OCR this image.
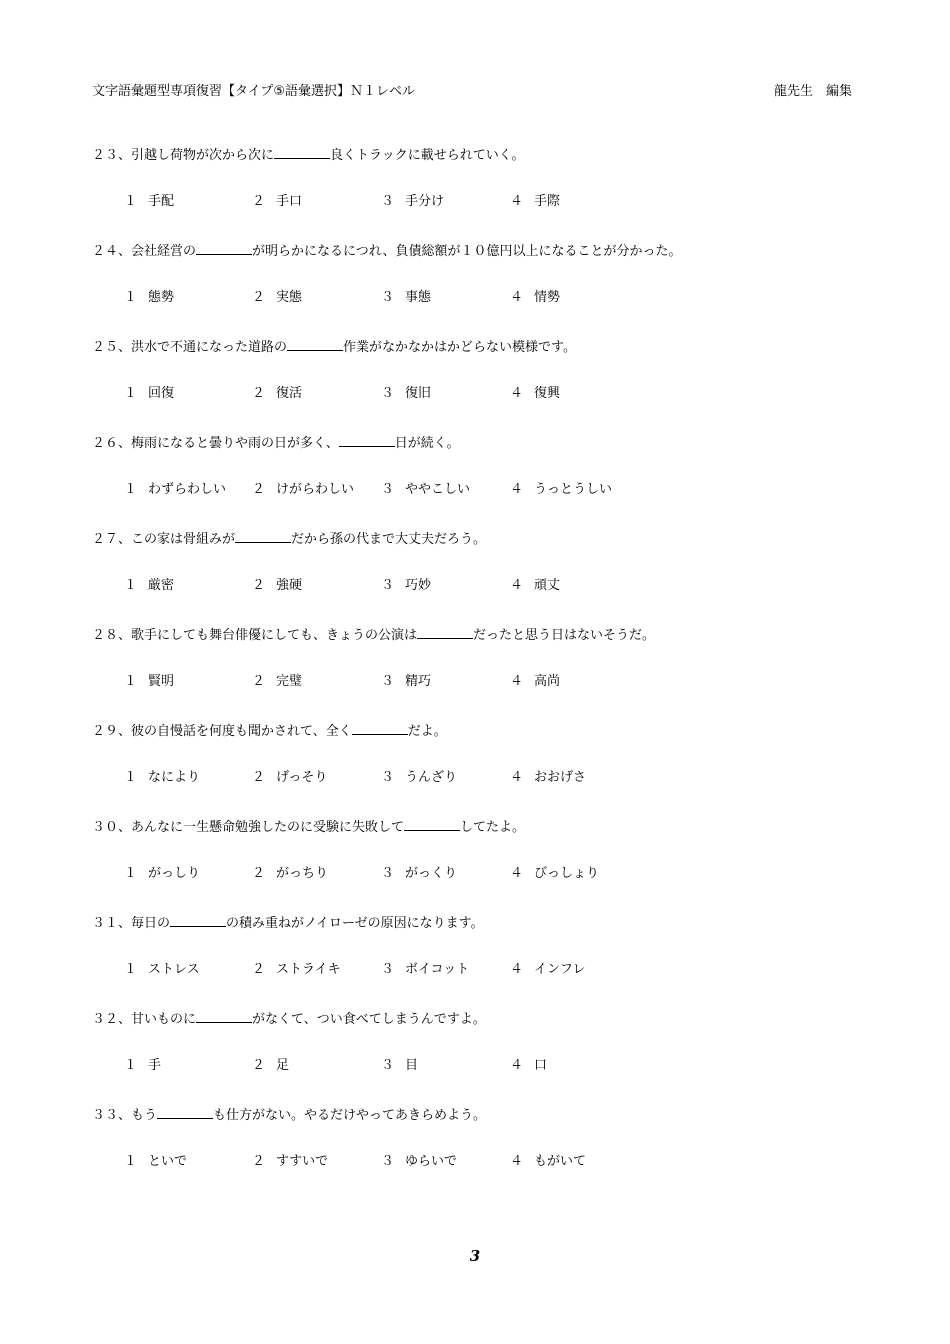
文字語彙題型専項復習【タイプ⑤語彙選択】Ｎ１レベル	龍先生　編集
２３、引越し荷物が次から次に	良くトラックに載せられていく。
１ 手配	２ 手口	３ 手分け	４ 手際
２４、会社経営の	が明らかになるにつれ、負債総額が１０億円以上になることが分かった。
１ 態勢	２ 実態	３ 事態	４ 情勢
２５、洪水で不通になった道路の	作業がなかなかはかどらない模様です。
１ 回復	２ 復活	３ 復旧	４ 復興
２６、梅雨になると曇りや雨の日が多く、	日が続く。
１ わずらわしい ２ けがらわしい ３ ややこしい	４ うっとうしい
２７、この家は骨組みが	だから孫の代まで大丈夫だろう。
１ 厳密	２ 強硬	３ 巧妙	４ 頑丈
２８、歌手にしても舞台俳優にしても、きょうの公演は	だったと思う日はないそうだ。
１ 賢明	２ 完璧	３ 精巧	４ 高尚
２９、彼の自慢話を何度も聞かされて、全く	だよ。
１ なにより	２ げっそり	３ うんざり	４ おおげさ
３０、あんなに一生懸命勉強したのに受験に失敗して	してたよ。
１ がっしり	２ がっちり	３ がっくり	４ びっしょり
３１、毎日の	の積み重ねがノイローゼの原因になります。
１ ストレス	２ ストライキ	３ ボイコット	４ インフレ
３２、甘いものに	がなくて、つい食べてしまうんですよ。
１ 手	２ 足	３ 目	４ 口
３３、もう	も仕方がない。やるだけやってあきらめよう。
１ といで	２ すすいで	３ ゆらいで	４ もがいて
3
